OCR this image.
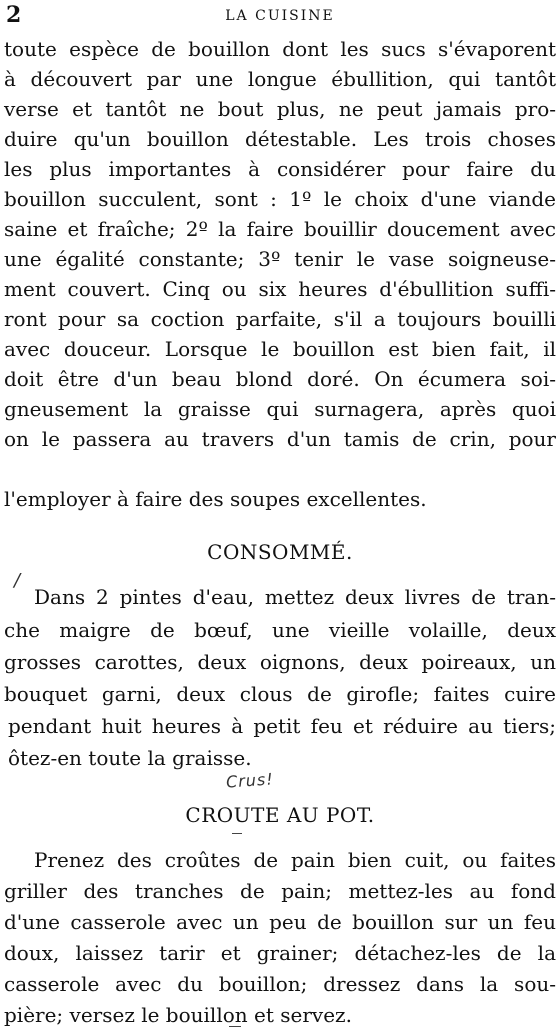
2	LA CUISINE
toute espèce de bouillon dont les sucs s'évaporent
à découvert par une longue ébullition, qui tantôt
verse et tantôt ne bout plus, ne peut jamais pro-
duire qu'un bouillon détestable. Les trois choses
les plus importantes à considérer pour faire du
bouillon succulent, sont : 1º le choix d'une viande
saine et fraîche; 2º la faire bouillir doucement avec
une égalité constante; 3º tenir le vase soigneuse-
ment couvert. Cinq ou six heures d'ébullition suffi-
ront pour sa coction parfaite, s'il a toujours bouilli
avec douceur. Lorsque le bouillon est bien fait, il
doit être d'un beau blond doré. On écumera soi-
gneusement la graisse qui surnagera, après quoi
on le passera au travers d'un tamis de crin, pour
l'employer à faire des soupes excellentes.
CONSOMMÉ.
Dans 2 pintes d'eau, mettez deux livres de tran-
che maigre de bœuf, une vieille volaille, deux
grosses carottes, deux oignons, deux poireaux, un
bouquet garni, deux clous de girofle; faites cuire
pendant huit heures à petit feu et réduire au tiers;
ôtez-en toute la graisse.
/
Crus!
CROUTE AU POT.
Prenez des croûtes de pain bien cuit, ou faites
griller des tranches de pain; mettez-les au fond
d'une casserole avec un peu de bouillon sur un feu
doux, laissez tarir et grainer; détachez-les de la
casserole avec du bouillon; dressez dans la sou-
pière; versez le bouillon et servez.
